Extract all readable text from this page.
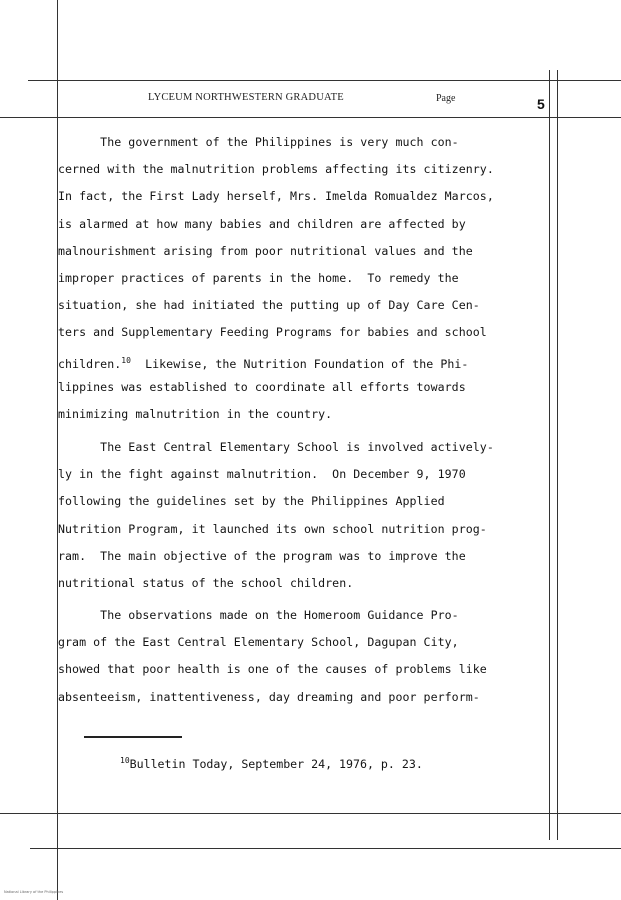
LYCEUM NORTHWESTERN GRADUATE	Page	5
The government of the Philippines is very much con-
cerned with the malnutrition problems affecting its citizenry.
In fact, the First Lady herself, Mrs. Imelda Romualdez Marcos,
is alarmed at how many babies and children are affected by
malnourishment arising from poor nutritional values and the
improper practices of parents in the home.  To remedy the
situation, she had initiated the putting up of Day Care Cen-
ters and Supplementary Feeding Programs for babies and school
children.$^{10}$  Likewise, the Nutrition Foundation of the Phi-
lippines was established to coordinate all efforts towards
minimizing malnutrition in the country.
The East Central Elementary School is involved actively-
ly in the fight against malnutrition.  On December 9, 1970
following the guidelines set by the Philippines Applied
Nutrition Program, it launched its own school nutrition prog-
ram.  The main objective of the program was to improve the
nutritional status of the school children.
The observations made on the Homeroom Guidance Pro-
gram of the East Central Elementary School, Dagupan City,
showed that poor health is one of the causes of problems like
absenteeism, inattentiveness, day dreaming and poor perform-
$^{10}$Bulletin Today, September 24, 1976, p. 23.
National Library of the Philippines
